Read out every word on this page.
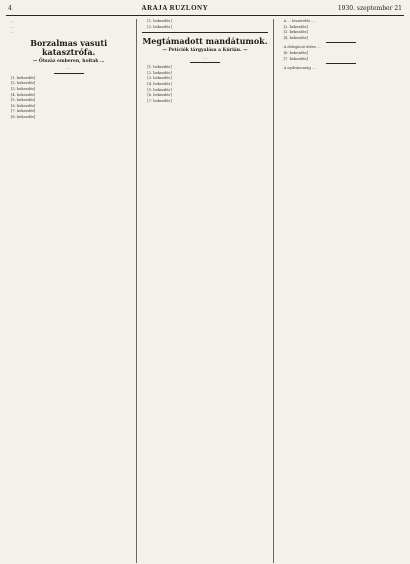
4	ARAJA RUZLONY	1930. szeptember 21

…

…

…

Borzalmas vasuti katasztrófa.
— Ötszáz emberen, holtak …
…

[1. bekezdés]

[2. bekezdés]

[3. bekezdés]

[4. bekezdés]

[5. bekezdés]

[6. bekezdés]

[7. bekezdés]

[8. bekezdés]

[1. bekezdés]

[2. bekezdés]

Megtámadott mandátumok.
— Petíciók tárgyalása a Kúrián. —
…

[1. bekezdés]

[2. bekezdés]

[3. bekezdés]

[4. bekezdés]

[5. bekezdés]

[6. bekezdés]

[7. bekezdés]

A … leszerelés …

[2. bekezdés]

[3. bekezdés]

[4. bekezdés]

A delegáció ütése …

[6. bekezdés]

[7. bekezdés]

A nyilvánosság …
